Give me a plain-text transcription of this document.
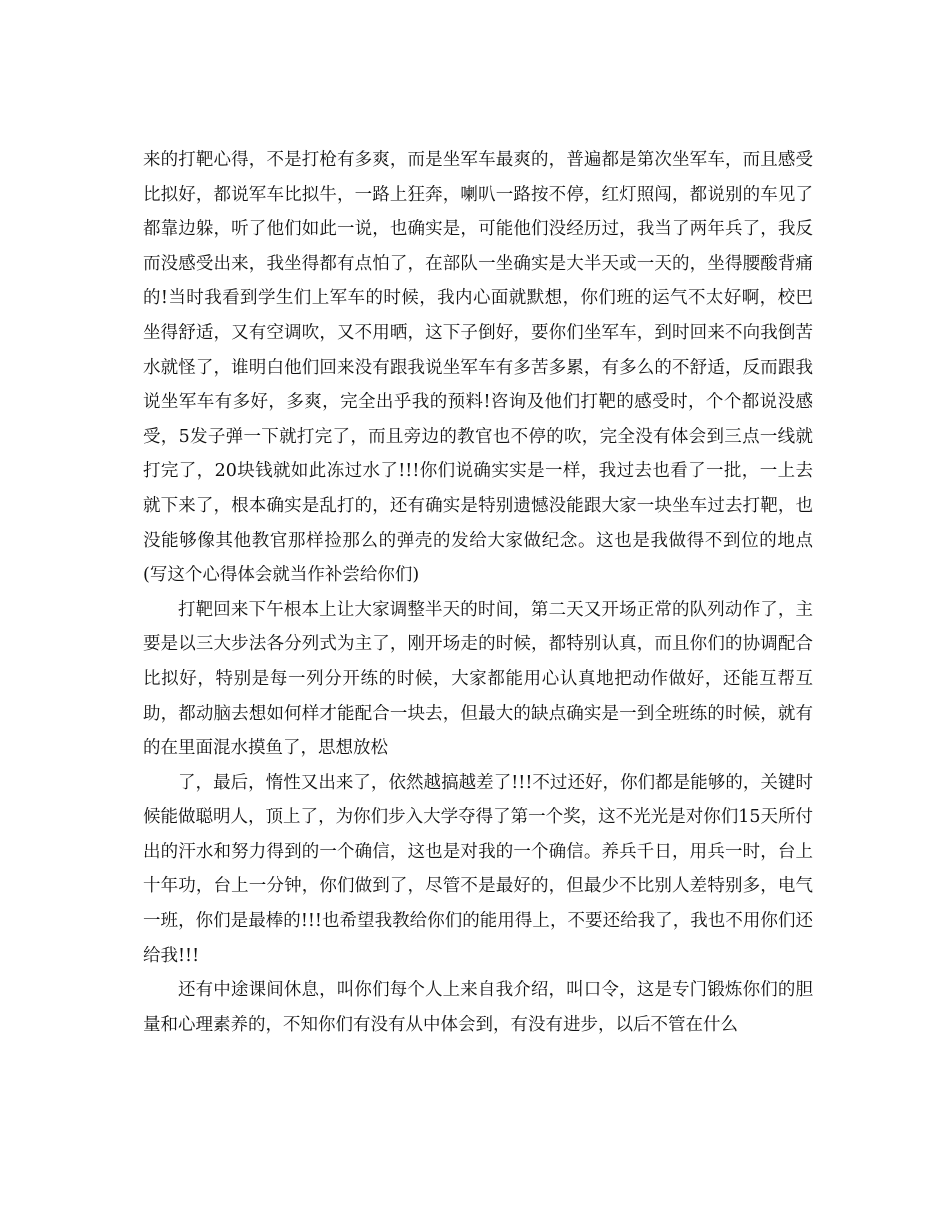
来的打靶心得，不是打枪有多爽，而是坐军车最爽的，普遍都是第次坐军车，而且感受比拟好，都说军车比拟牛，一路上狂奔，喇叭一路按不停，红灯照闯，都说别的车见了都靠边躲，听了他们如此一说，也确实是，可能他们没经历过，我当了两年兵了，我反而没感受出来，我坐得都有点怕了，在部队一坐确实是大半天或一天的，坐得腰酸背痛的!当时我看到学生们上军车的时候，我内心面就默想，你们班的运气不太好啊，校巴坐得舒适，又有空调吹，又不用晒，这下子倒好，要你们坐军车，到时回来不向我倒苦水就怪了，谁明白他们回来没有跟我说坐军车有多苦多累，有多么的不舒适，反而跟我说坐军车有多好，多爽，完全出乎我的预料!咨询及他们打靶的感受时，个个都说没感受，5发子弹一下就打完了，而且旁边的教官也不停的吹，完全没有体会到三点一线就打完了，20块钱就如此冻过水了!!!你们说确实实是一样，我过去也看了一批，一上去就下来了，根本确实是乱打的，还有确实是特别遗憾没能跟大家一块坐车过去打靶，也没能够像其他教官那样捡那么的弹壳的发给大家做纪念。这也是我做得不到位的地点(写这个心得体会就当作补尝给你们)

打靶回来下午根本上让大家调整半天的时间，第二天又开场正常的队列动作了，主要是以三大步法各分列式为主了，刚开场走的时候，都特别认真，而且你们的协调配合比拟好，特别是每一列分开练的时候，大家都能用心认真地把动作做好，还能互帮互助，都动脑去想如何样才能配合一块去，但最大的缺点确实是一到全班练的时候，就有的在里面混水摸鱼了，思想放松

了，最后，惰性又出来了，依然越搞越差了!!!不过还好，你们都是能够的，关键时候能做聪明人，顶上了，为你们步入大学夺得了第一个奖，这不光光是对你们15天所付出的汗水和努力得到的一个确信，这也是对我的一个确信。养兵千日，用兵一时，台上十年功，台上一分钟，你们做到了，尽管不是最好的，但最少不比别人差特别多，电气一班，你们是最棒的!!!也希望我教给你们的能用得上，不要还给我了，我也不用你们还给我!!!

还有中途课间休息，叫你们每个人上来自我介绍，叫口令，这是专门锻炼你们的胆量和心理素养的，不知你们有没有从中体会到，有没有进步，以后不管在什么
